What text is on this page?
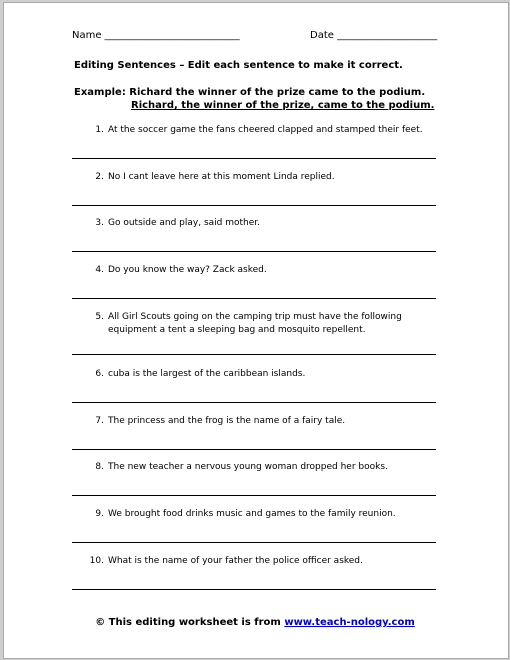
Name ___________________________	Date ____________________
Editing Sentences – Edit each sentence to make it correct.
Example: Richard the winner of the prize came to the podium.
Richard, the winner of the prize, came to the podium.
1. At the soccer game the fans cheered clapped and stamped their feet.
2. No I cant leave here at this moment Linda replied.
3. Go outside and play, said mother.
4. Do you know the way? Zack asked.
5. All Girl Scouts going on the camping trip must have the following equipment a tent a sleeping bag and mosquito repellent.
6. cuba is the largest of the caribbean islands.
7. The princess and the frog is the name of a fairy tale.
8. The new teacher a nervous young woman dropped her books.
9. We brought food drinks music and games to the family reunion.
10. What is the name of your father the police officer asked.
© This editing worksheet is from www.teach-nology.com
